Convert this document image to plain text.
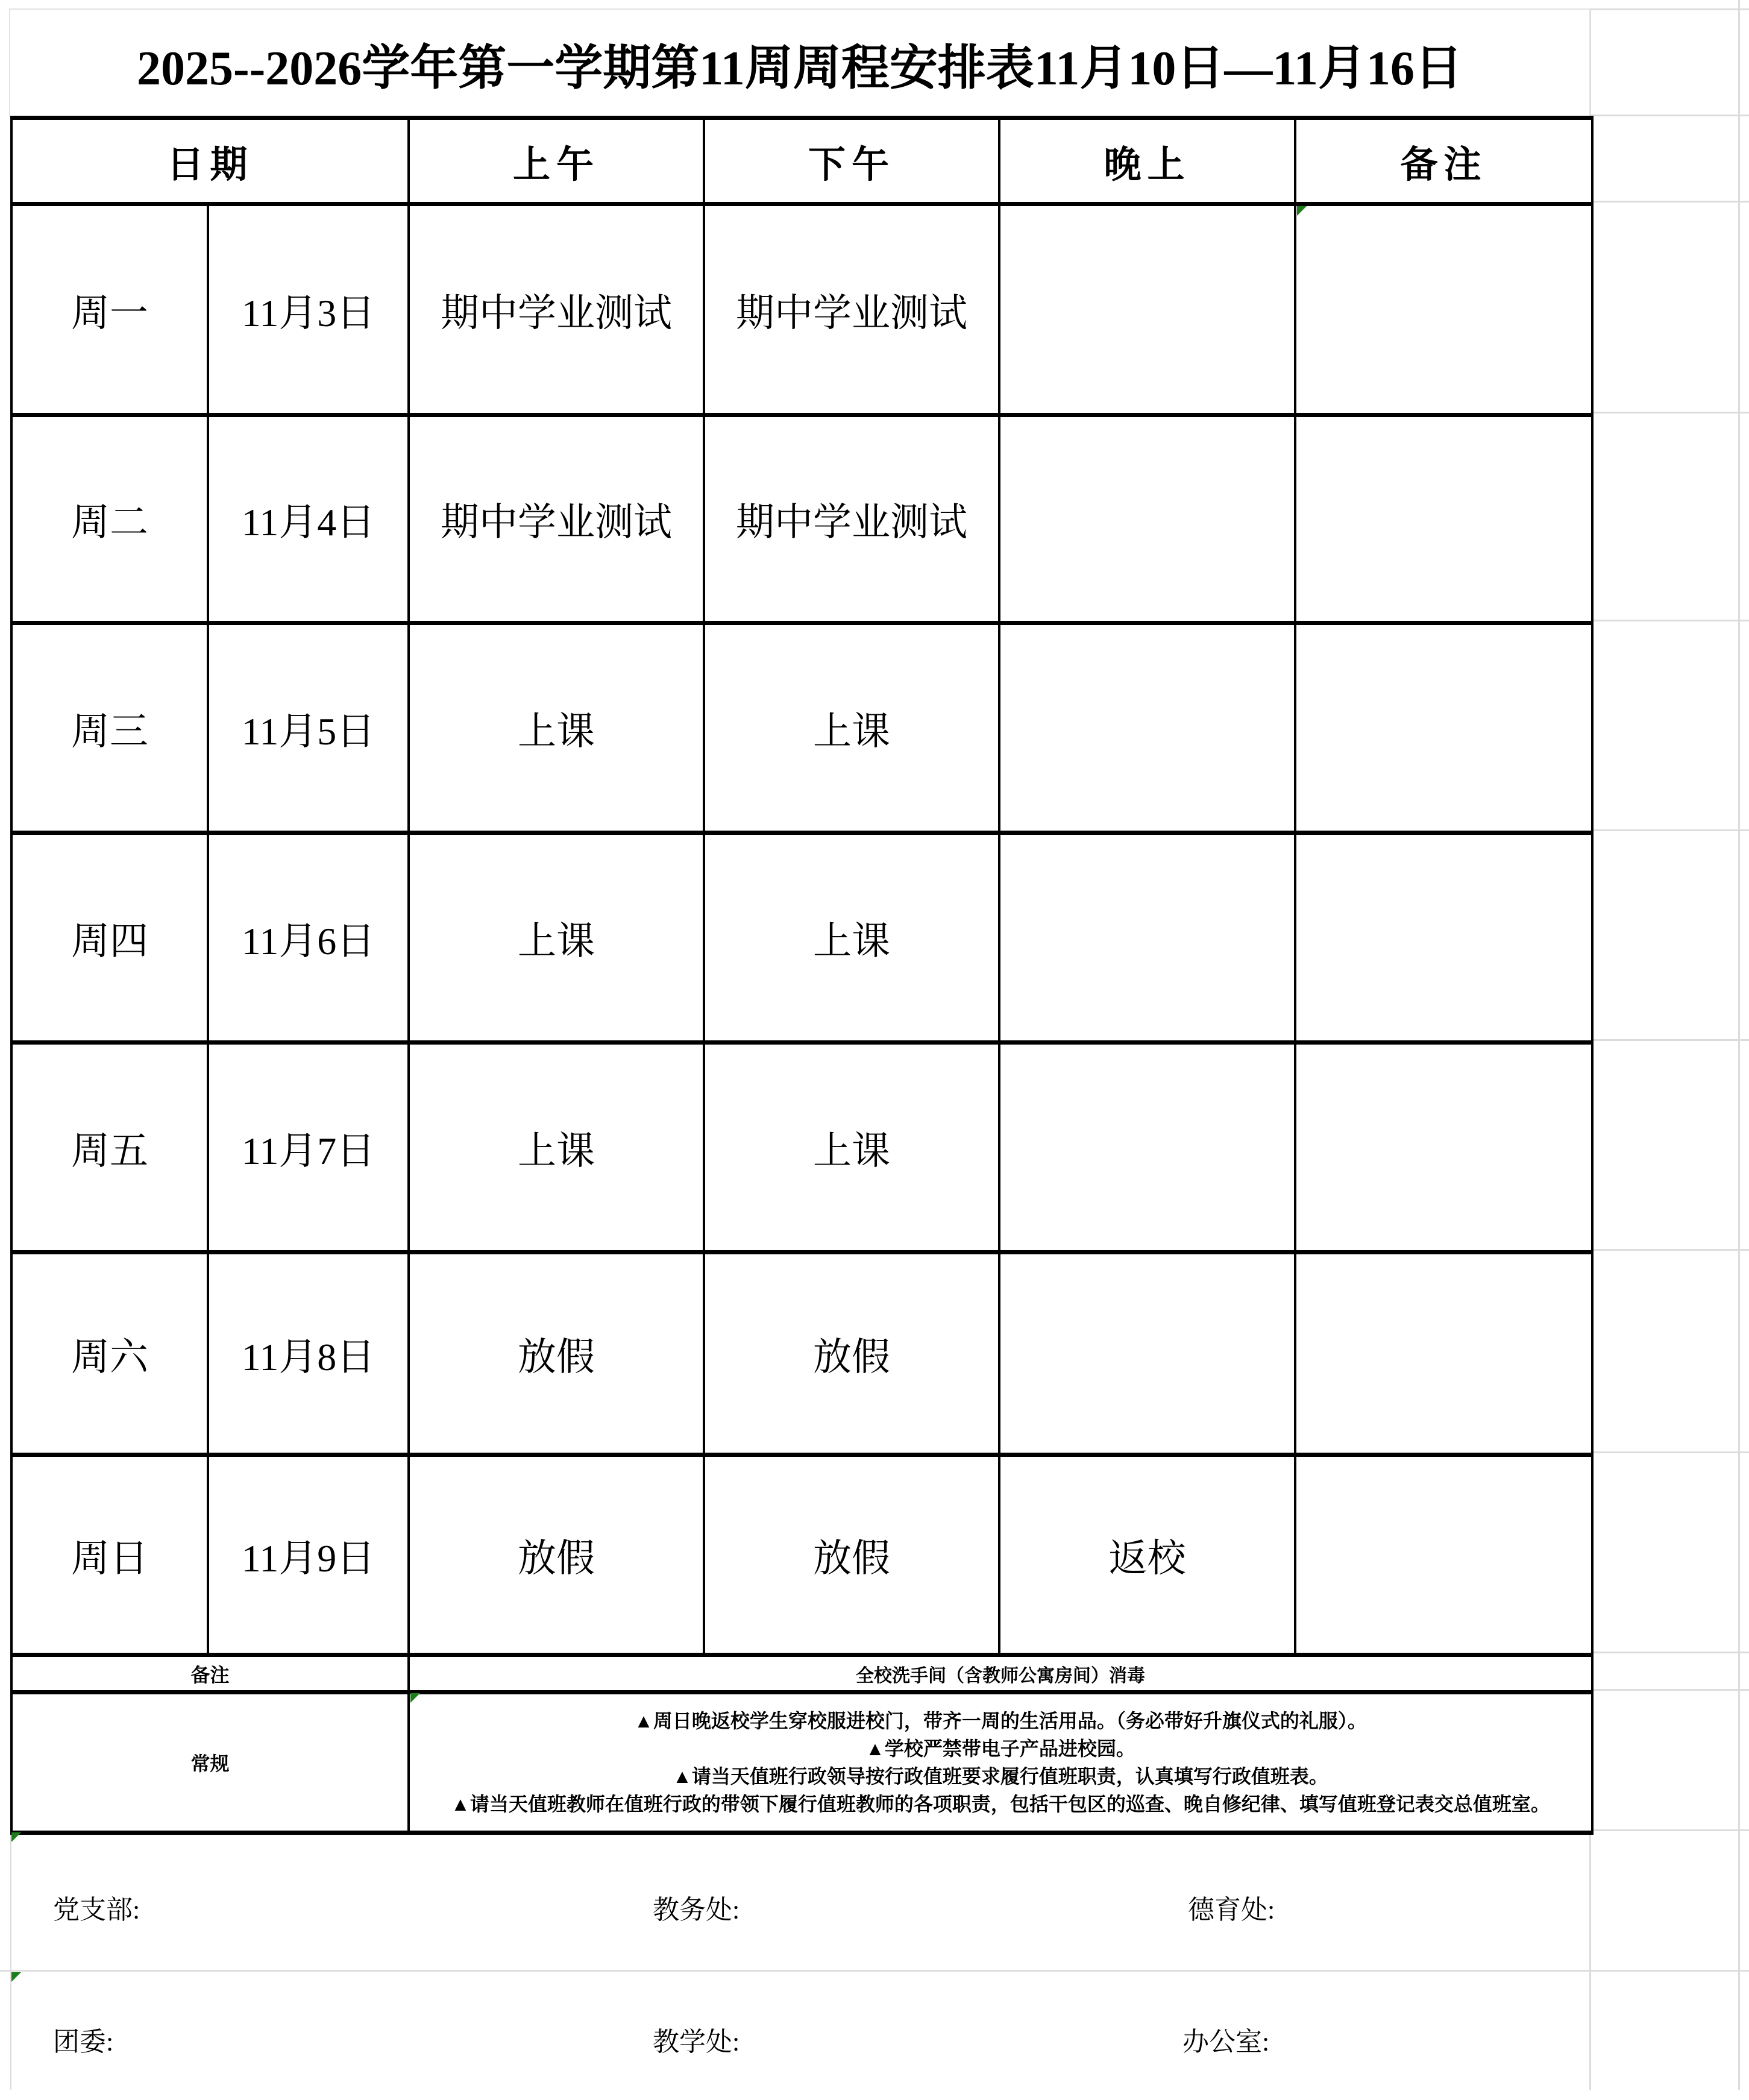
2025--2026学年第一学期第11周周程安排表11月10日—11月16日
日期		上午	下午	晚上	备注
周一	11月3日	期中学业测试	期中学业测试		
周二	11月4日	期中学业测试	期中学业测试		
周三	11月5日	上课	上课		
周四	11月6日	上课	上课		
周五	11月7日	上课	上课		
周六	11月8日	放假	放假		
周日	11月9日	放假	放假	返校	
备注		全校洗手间（含教师公寓房间）消毒			
常规		▲周日晚返校学生穿校服进校门，带齐一周的生活用品。（务必带好升旗仪式的礼服）。
▲学校严禁带电子产品进校园。
▲请当天值班行政领导按行政值班要求履行值班职责，认真填写行政值班表。
▲请当天值班教师在值班行政的带领下履行值班教师的各项职责，包括干包区的巡查、晚自修纪律、填写值班登记表交总值班室。			
党支部:	教务处:	德育处:
团委:	教学处:	办公室:
